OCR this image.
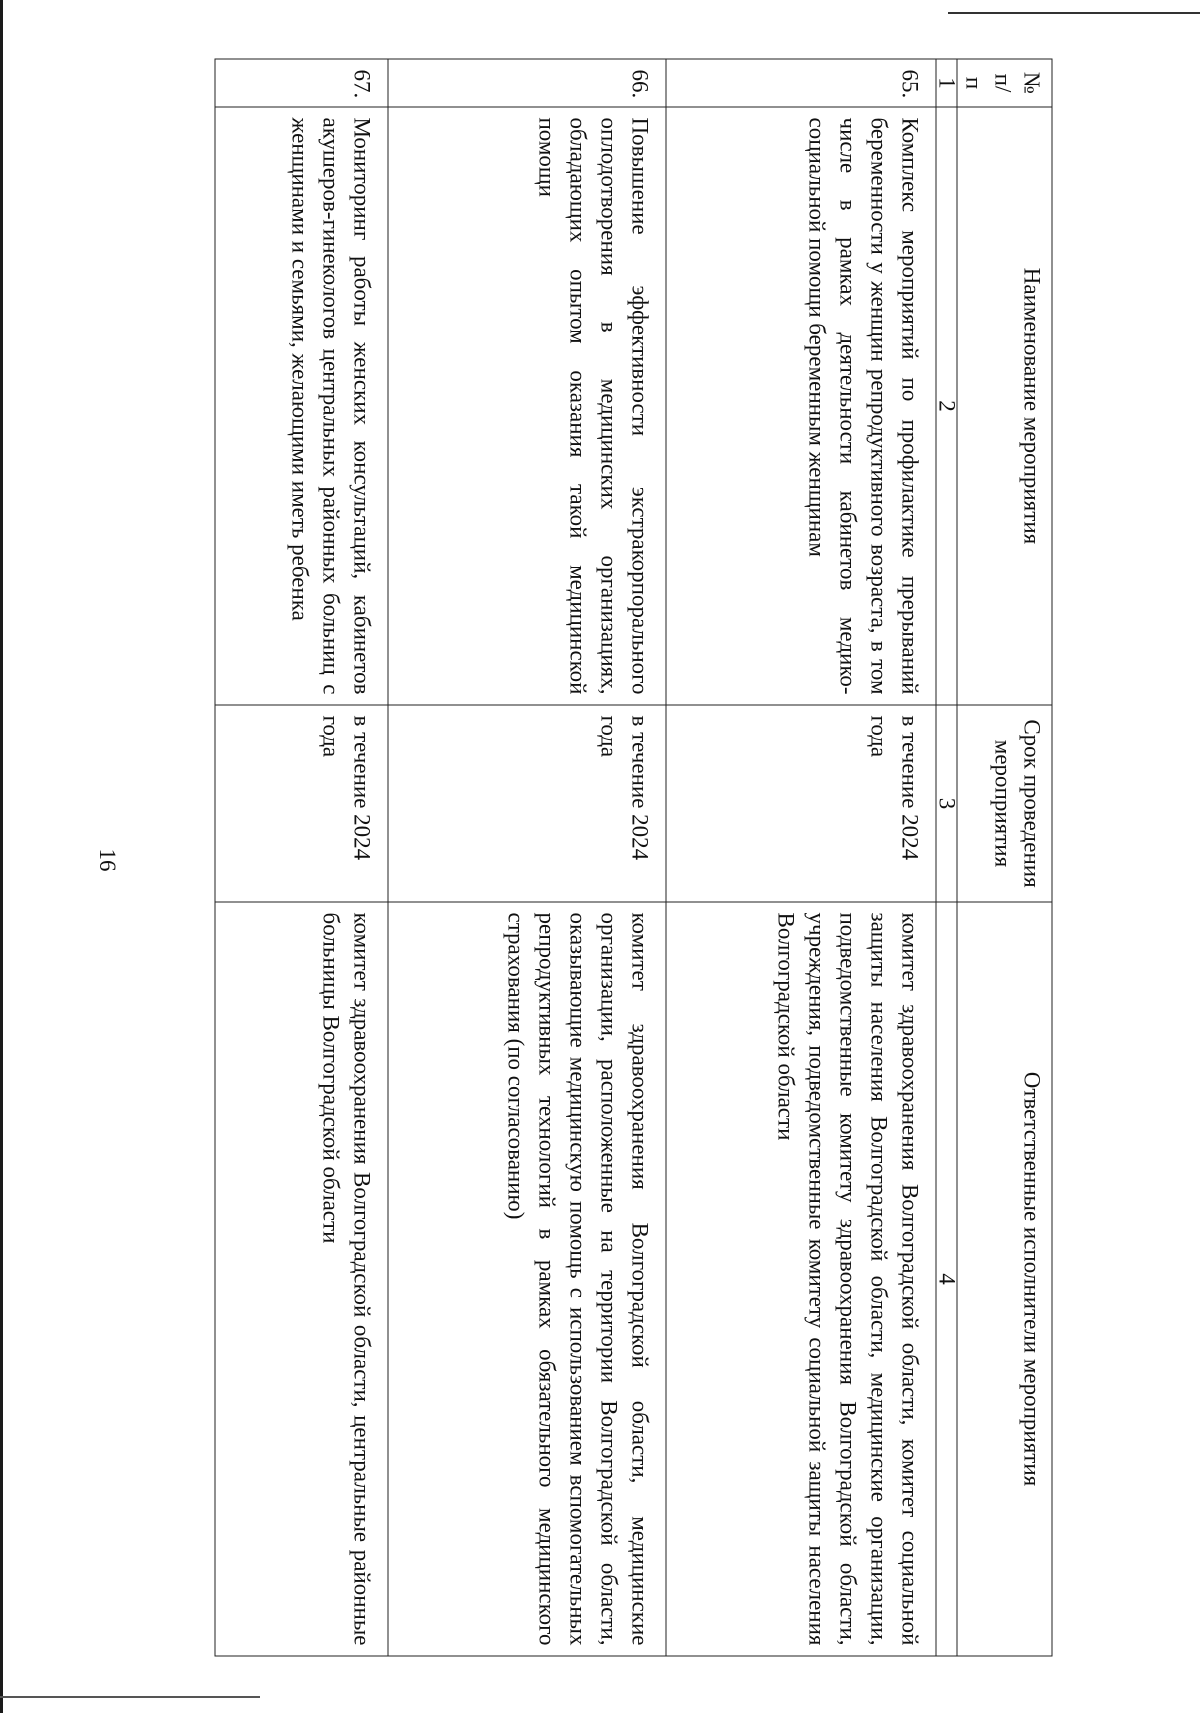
16
№ п/п	Наименование мероприятия	Срок проведения мероприятия	Ответственные исполнители мероприятия
1	2	3	4
65.	Комплекс мероприятий по профилактике прерываний беременности у женщин репродуктивного возраста, в том числе в рамках деятельности кабинетов медико-социальной помощи беременным женщинам	в течение 2024 года	комитет здравоохранения Волгоградской области, комитет социальной защиты населения Волгоградской области, медицинские организации, подведомственные комитету здравоохранения Волгоградской области, учреждения, подведомственные комитету социальной защиты населения Волгоградской области
66.	Повышение эффективности экстракорпорального оплодотворения в медицинских организациях, обладающих опытом оказания такой медицинской помощи	в течение 2024 года	комитет здравоохранения Волгоградской области, медицинские организации, расположенные на территории Волгоградской области, оказывающие медицинскую помощь с использованием вспомогательных репродуктивных технологий в рамках обязательного медицинского страхования (по согласованию)
67.	Мониторинг работы женских консультаций, кабинетов акушеров-гинекологов центральных районных больниц с женщинами и семьями, желающими иметь ребенка	в течение 2024 года	комитет здравоохранения Волгоградской области, центральные районные больницы Волгоградской области
